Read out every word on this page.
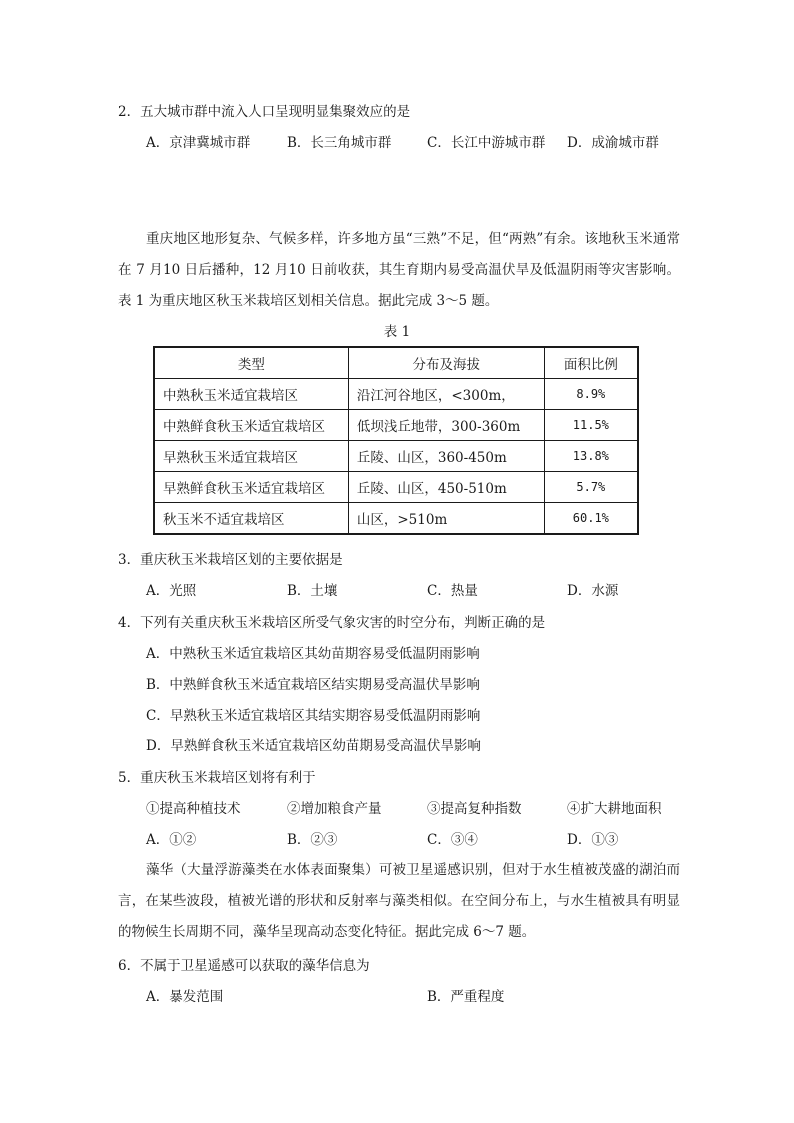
2．五大城市群中流入人口呈现明显集聚效应的是
A．京津冀城市群	B．长三角城市群	C．长江中游城市群 D．成渝城市群
重庆地区地形复杂、气候多样，许多地方虽“三熟”不足，但“两熟”有余。该地秋玉米通常在 7 月10 日后播种，12 月10 日前收获，其生育期内易受高温伏旱及低温阴雨等灾害影响。表 1 为重庆地区秋玉米栽培区划相关信息。据此完成 3～5 题。
表 1
类型	分布及海拔	面积比例
中熟秋玉米适宜栽培区	沿江河谷地区，<300m，	8.9%
中熟鲜食秋玉米适宜栽培区	低坝浅丘地带，300-360m	11.5%
早熟秋玉米适宜栽培区	丘陵、山区，360-450m	13.8%
早熟鲜食秋玉米适宜栽培区	丘陵、山区，450-510m	5.7%
秋玉米不适宜栽培区	山区，>510m	60.1%
3．重庆秋玉米栽培区划的主要依据是
A．光照	B．土壤	C．热量	D．水源
4．下列有关重庆秋玉米栽培区所受气象灾害的时空分布，判断正确的是
A．中熟秋玉米适宜栽培区其幼苗期容易受低温阴雨影响
B．中熟鲜食秋玉米适宜栽培区结实期易受高温伏旱影响
C．早熟秋玉米适宜栽培区其结实期容易受低温阴雨影响
D．早熟鲜食秋玉米适宜栽培区幼苗期易受高温伏旱影响
5．重庆秋玉米栽培区划将有利于
①提高种植技术	②增加粮食产量	③提高复种指数	④扩大耕地面积
A．①②	B．②③	C．③④	D．①③
藻华（大量浮游藻类在水体表面聚集）可被卫星遥感识别，但对于水生植被茂盛的湖泊而言，在某些波段，植被光谱的形状和反射率与藻类相似。在空间分布上，与水生植被具有明显的物候生长周期不同，藻华呈现高动态变化特征。据此完成 6～7 题。
6．不属于卫星遥感可以获取的藻华信息为
A．暴发范围	B．严重程度
